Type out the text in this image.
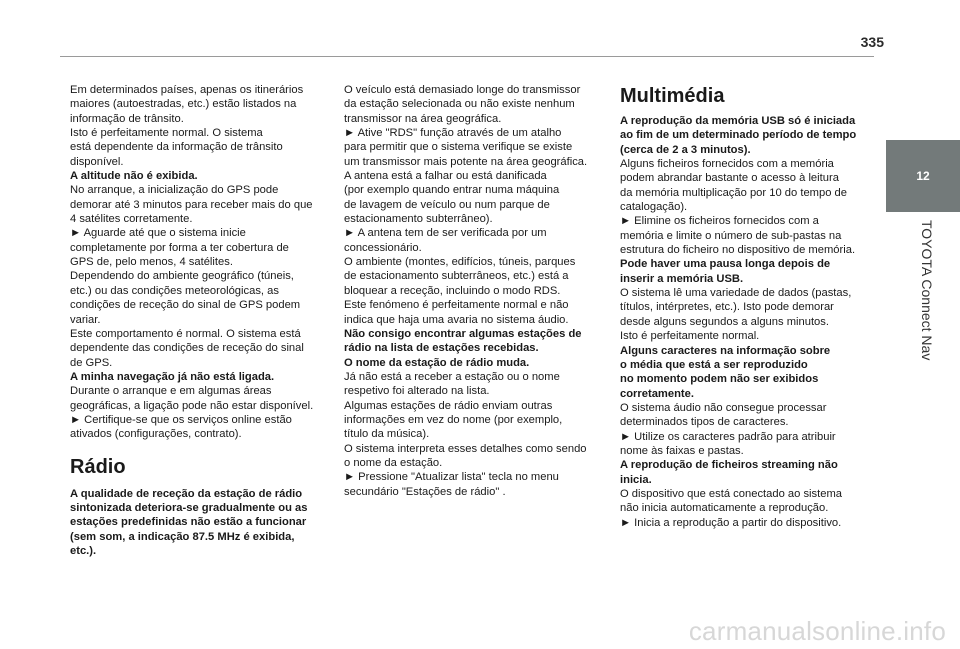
335
12
TOYOTA Connect Nav

Em determinados países, apenas os itinerários

maiores (autoestradas, etc.) estão listados na

informação de trânsito.

Isto é perfeitamente normal. O sistema

está dependente da informação de trânsito

disponível.

A altitude não é exibida.

No arranque, a inicialização do GPS pode

demorar até 3 minutos para receber mais do que

4 satélites corretamente.

► Aguarde até que o sistema inicie

completamente por forma a ter cobertura de

GPS de, pelo menos, 4 satélites.

Dependendo do ambiente geográfico (túneis,

etc.) ou das condições meteorológicas, as

condições de receção do sinal de GPS podem

variar.

Este comportamento é normal. O sistema está

dependente das condições de receção do sinal

de GPS.

A minha navegação já não está ligada.

Durante o arranque e em algumas áreas

geográficas, a ligação pode não estar disponível.

► Certifique-se que os serviços online estão

ativados (configurações, contrato).

Rádio

A qualidade de receção da estação de rádio

sintonizada deteriora-se gradualmente ou as

estações predefinidas não estão a funcionar

(sem som, a indicação 87.5 MHz é exibida,

etc.).

O veículo está demasiado longe do transmissor

da estação selecionada ou não existe nenhum

transmissor na área geográfica.

► Ative "RDS" função através de um atalho

para permitir que o sistema verifique se existe

um transmissor mais potente na área geográfica.

A antena está a falhar ou está danificada

(por exemplo quando entrar numa máquina

de lavagem de veículo ou num parque de

estacionamento subterrâneo).

► A antena tem de ser verificada por um

concessionário.

O ambiente (montes, edifícios, túneis, parques

de estacionamento subterrâneos, etc.) está a

bloquear a receção, incluindo o modo RDS.

Este fenómeno é perfeitamente normal e não

indica que haja uma avaria no sistema áudio.

Não consigo encontrar algumas estações de

rádio na lista de estações recebidas.

O nome da estação de rádio muda.

Já não está a receber a estação ou o nome

respetivo foi alterado na lista.

Algumas estações de rádio enviam outras

informações em vez do nome (por exemplo,

título da música).

O sistema interpreta esses detalhes como sendo

o nome da estação.

► Pressione "Atualizar lista" tecla no menu

secundário "Estações de rádio" .

Multimédia

A reprodução da memória USB só é iniciada

ao fim de um determinado período de tempo

(cerca de 2 a 3 minutos).

Alguns ficheiros fornecidos com a memória

podem abrandar bastante o acesso à leitura

da memória multiplicação por 10 do tempo de

catalogação).

► Elimine os ficheiros fornecidos com a

memória e limite o número de sub-pastas na

estrutura do ficheiro no dispositivo de memória.

Pode haver uma pausa longa depois de

inserir a memória USB.

O sistema lê uma variedade de dados (pastas,

títulos, intérpretes, etc.). Isto pode demorar

desde alguns segundos a alguns minutos.

Isto é perfeitamente normal.

Alguns caracteres na informação sobre

o média que está a ser reproduzido

no momento podem não ser exibidos

corretamente.

O sistema áudio não consegue processar

determinados tipos de caracteres.

► Utilize os caracteres padrão para atribuir

nome às faixas e pastas.

A reprodução de ficheiros streaming não

inicia.

O dispositivo que está conectado ao sistema

não inicia automaticamente a reprodução.

► Inicia a reprodução a partir do dispositivo.

carmanualsonline.info
